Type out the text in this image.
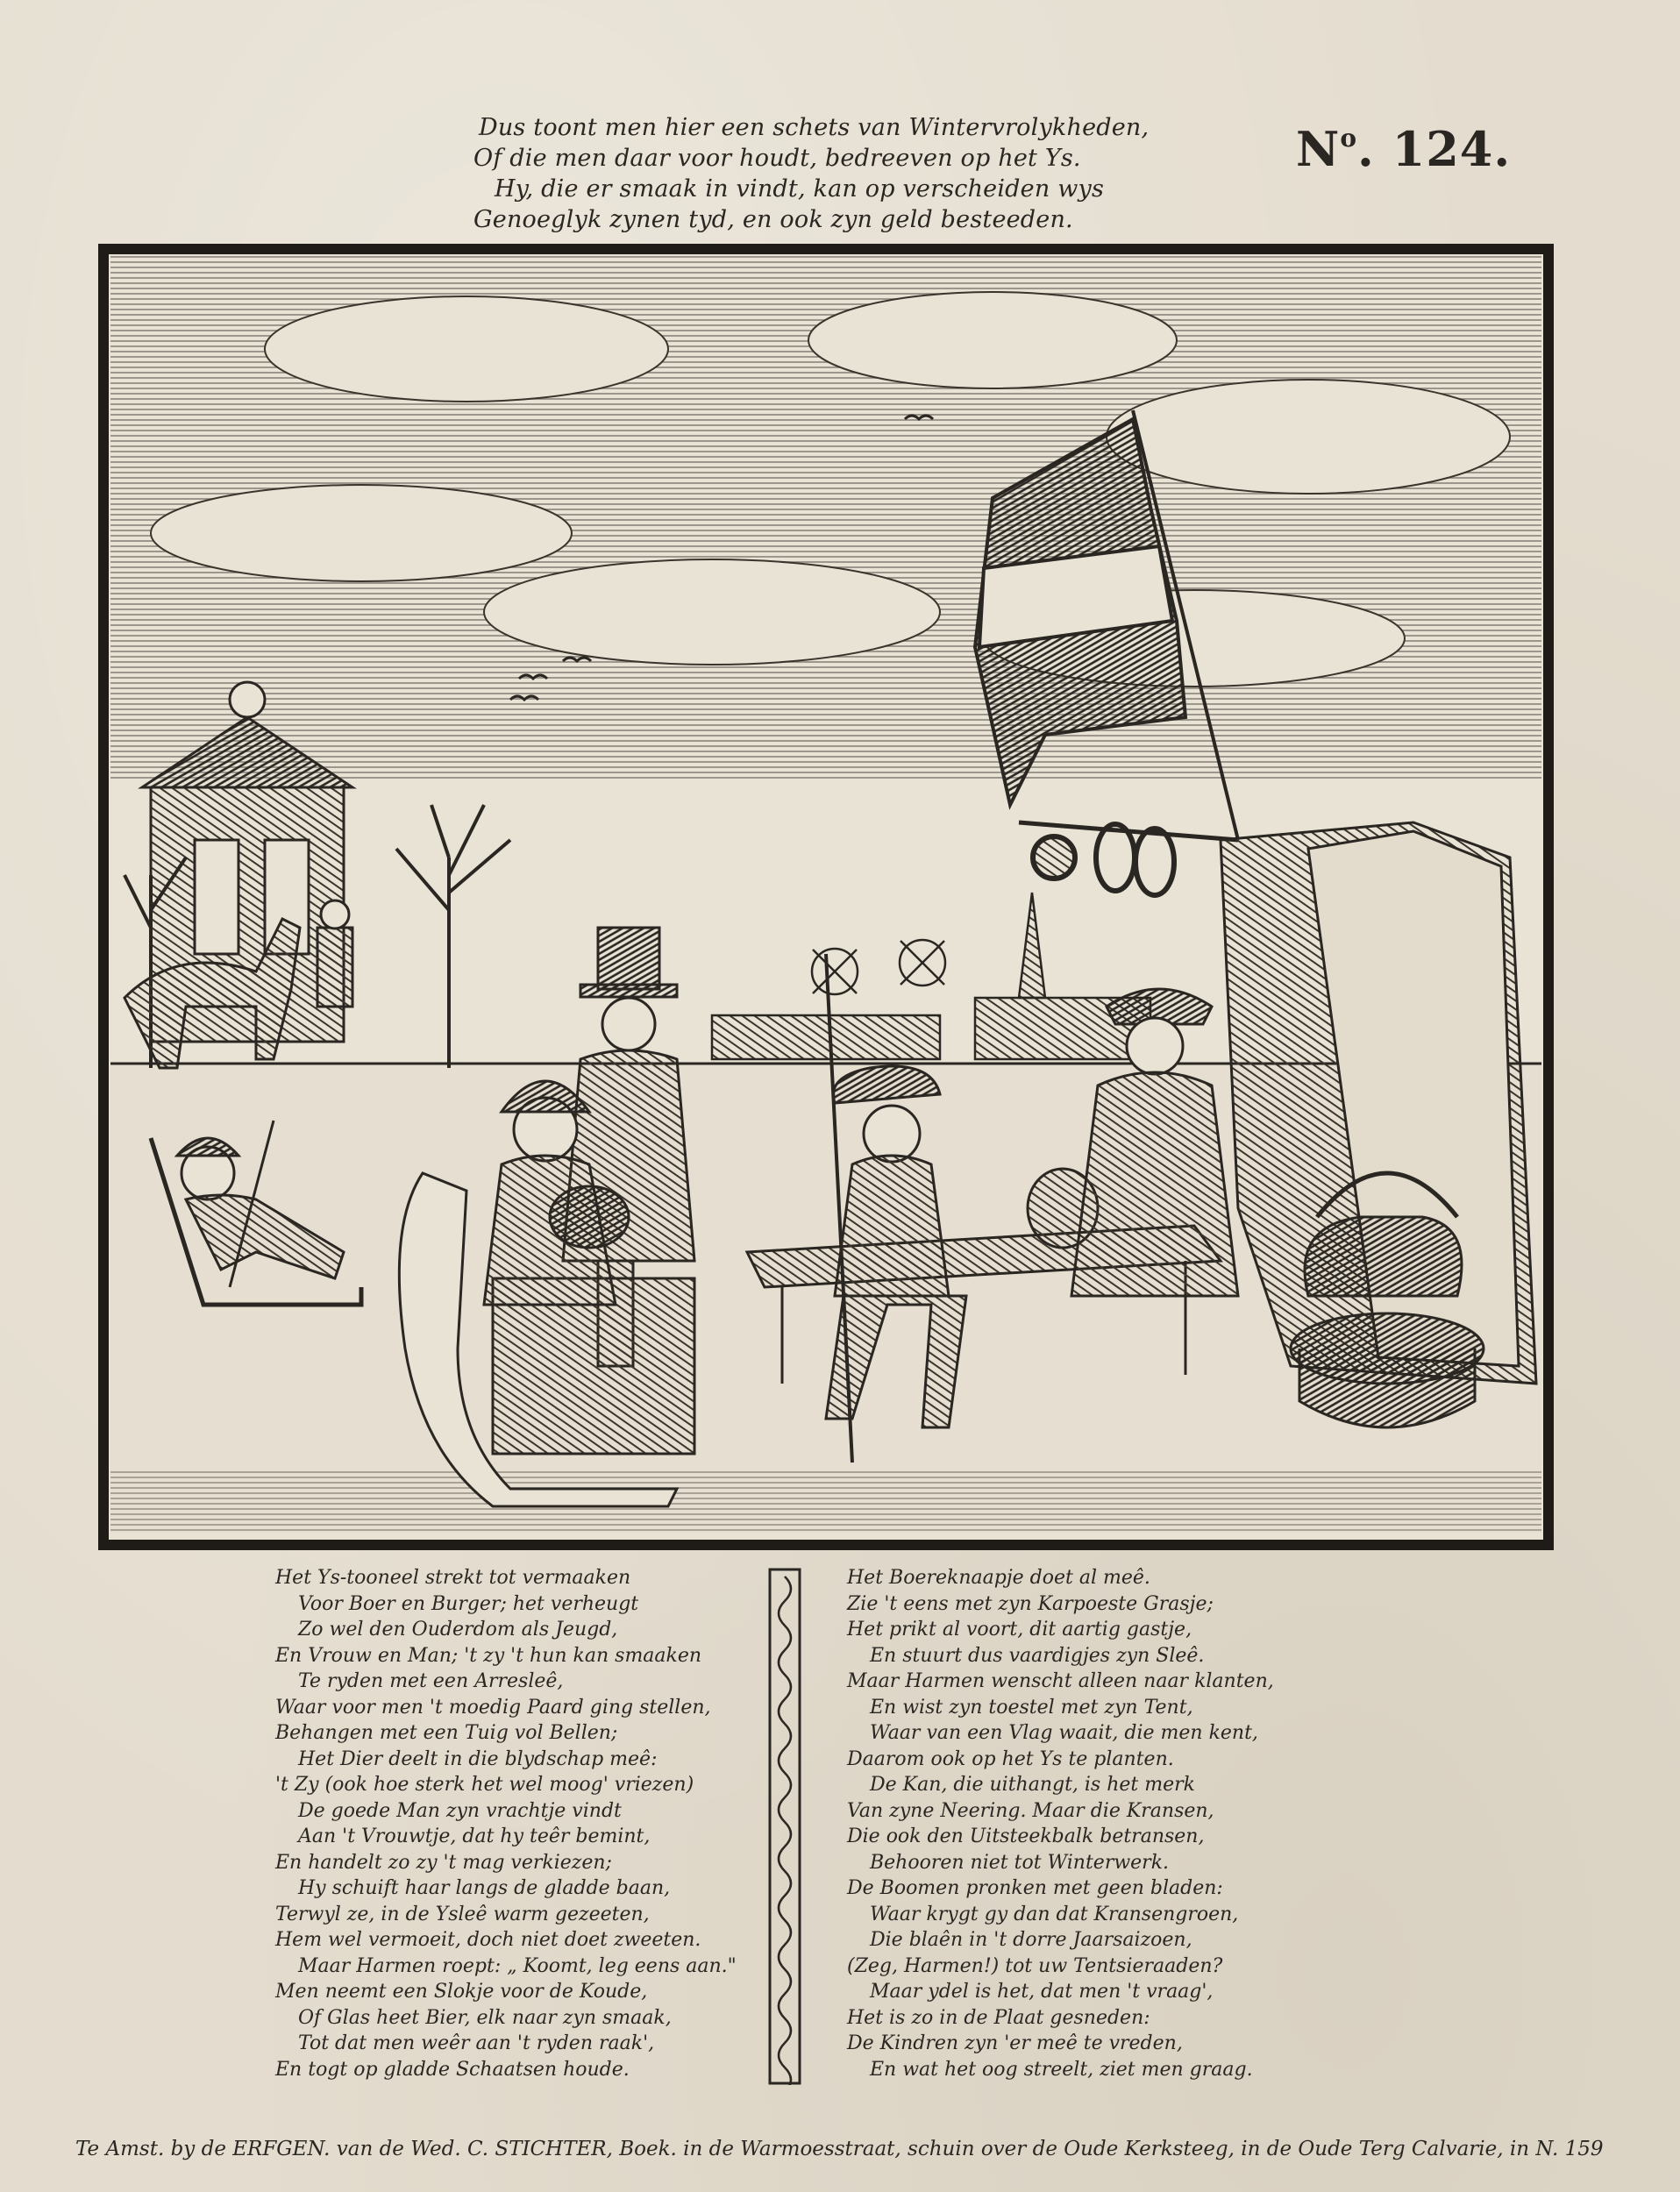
Dus toont men hier een schets van Wintervrolykheden,
Of die men daar voor houdt, bedreeven op het Ys.
Hy, die er smaak in vindt, kan op verscheiden wys
Genoeglyk zynen tyd, en ook zyn geld besteeden.
$N^o$. 124.
Het Ys-tooneel strekt tot vermaaken
Voor Boer en Burger; het verheugt
Zo wel den Ouderdom als Jeugd,
En Vrouw en Man; 't zy 't hun kan smaaken
Te ryden met een Arresleê,
Waar voor men 't moedig Paard ging stellen,
Behangen met een Tuig vol Bellen;
Het Dier deelt in die blydschap meê:
't Zy (ook hoe sterk het wel moog' vriezen)
De goede Man zyn vrachtje vindt
Aan 't Vrouwtje, dat hy teêr bemint,
En handelt zo zy 't mag verkiezen;
Hy schuift haar langs de gladde baan,
Terwyl ze, in de Ysleê warm gezeeten,
Hem wel vermoeit, doch niet doet zweeten.
Maar Harmen roept: „ Koomt, leg eens aan."
Men neemt een Slokje voor de Koude,
Of Glas heet Bier, elk naar zyn smaak,
Tot dat men weêr aan 't ryden raak',
En togt op gladde Schaatsen houde.
Het Boereknaapje doet al meê.
Zie 't eens met zyn Karpoeste Grasje;
Het prikt al voort, dit aartig gastje,
En stuurt dus vaardigjes zyn Sleê.
Maar Harmen wenscht alleen naar klanten,
En wist zyn toestel met zyn Tent,
Waar van een Vlag waait, die men kent,
Daarom ook op het Ys te planten.
De Kan, die uithangt, is het merk
Van zyne Neering. Maar die Kransen,
Die ook den Uitsteekbalk betransen,
Behooren niet tot Winterwerk.
De Boomen pronken met geen bladen:
Waar krygt gy dan dat Kransengroen,
Die blaên in 't dorre Jaarsaizoen,
(Zeg, Harmen!) tot uw Tentsieraaden?
Maar ydel is het, dat men 't vraag',
Het is zo in de Plaat gesneden:
De Kindren zyn 'er meê te vreden,
En wat het oog streelt, ziet men graag.
Te Amst. by de ERFGEN. van de Wed. C. STICHTER, Boek. in de Warmoesstraat, schuin over de Oude Kerksteeg, in de Oude Terg Calvarie, in N. 159
